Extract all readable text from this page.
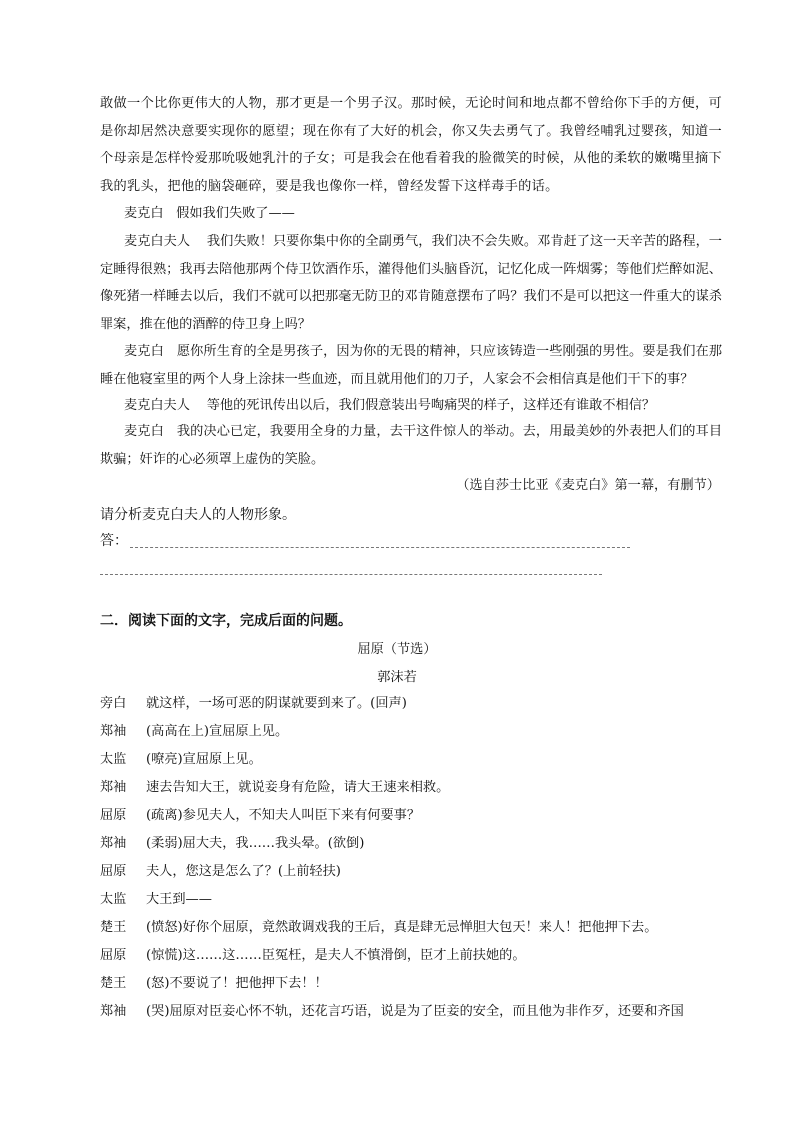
敢做一个比你更伟大的人物，那才更是一个男子汉。那时候，无论时间和地点都不曾给你下手的方便，可是你却居然决意要实现你的愿望；现在你有了大好的机会，你又失去勇气了。我曾经哺乳过婴孩，知道一个母亲是怎样怜爱那吮吸她乳汁的子女；可是我会在他看着我的脸微笑的时候，从他的柔软的嫩嘴里摘下我的乳头，把他的脑袋砸碎，要是我也像你一样，曾经发誓下这样毒手的话。

麦克白 假如我们失败了——
麦克白夫人 我们失败！只要你集中你的全副勇气，我们决不会失败。邓肯赶了这一天辛苦的路程，一定睡得很熟；我再去陪他那两个侍卫饮酒作乐，灌得他们头脑昏沉，记忆化成一阵烟雾；等他们烂醉如泥、像死猪一样睡去以后，我们不就可以把那毫无防卫的邓肯随意摆布了吗？我们不是可以把这一件重大的谋杀罪案，推在他的酒醉的侍卫身上吗？
麦克白 愿你所生育的全是男孩子，因为你的无畏的精神，只应该铸造一些刚强的男性。要是我们在那睡在他寝室里的两个人身上涂抹一些血迹，而且就用他们的刀子，人家会不会相信真是他们干下的事？
麦克白夫人 等他的死讯传出以后，我们假意装出号啕痛哭的样子，这样还有谁敢不相信？
麦克白 我的决心已定，我要用全身的力量，去干这件惊人的举动。去，用最美妙的外表把人们的耳目欺骗；奸诈的心必须罩上虚伪的笑脸。
（选自莎士比亚《麦克白》第一幕，有删节）
请分析麦克白夫人的人物形象。
答：
二．阅读下面的文字，完成后面的问题。
屈原（节选）
郭沫若
旁白 就这样，一场可恶的阴谋就要到来了。(回声)
郑袖 (高高在上)宣屈原上见。
太监 (嘹亮)宣屈原上见。
郑袖 速去告知大王，就说妾身有危险，请大王速来相救。
屈原 (疏离)参见夫人，不知夫人叫臣下来有何要事？
郑袖 (柔弱)屈大夫，我……我头晕。(欲倒)
屈原 夫人，您这是怎么了？(上前轻扶)
太监 大王到——
楚王 (愤怒)好你个屈原，竟然敢调戏我的王后，真是肆无忌惮胆大包天！来人！把他押下去。
屈原 (惊慌)这……这……臣冤枉，是夫人不慎滑倒，臣才上前扶她的。
楚王 (怒)不要说了！把他押下去！！
郑袖 (哭)屈原对臣妾心怀不轨，还花言巧语，说是为了臣妾的安全，而且他为非作歹，还要和齐国
